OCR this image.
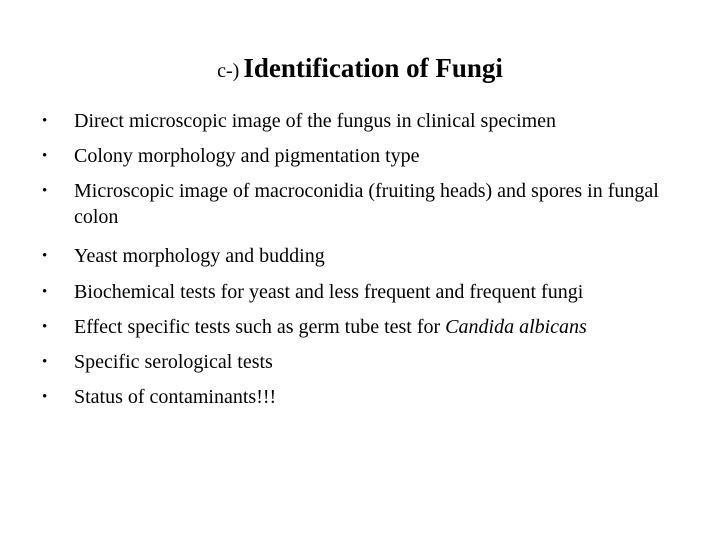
c-) Identification of Fungi
• Direct microscopic image of the fungus in clinical specimen
• Colony morphology and pigmentation type
• Microscopic image of macroconidia (fruiting heads) and spores in fungal colon
• Yeast morphology and budding
• Biochemical tests for yeast and less frequent and frequent fungi
• Effect specific tests such as germ tube test for Candida albicans
• Specific serological tests
• Status of contaminants!!!
